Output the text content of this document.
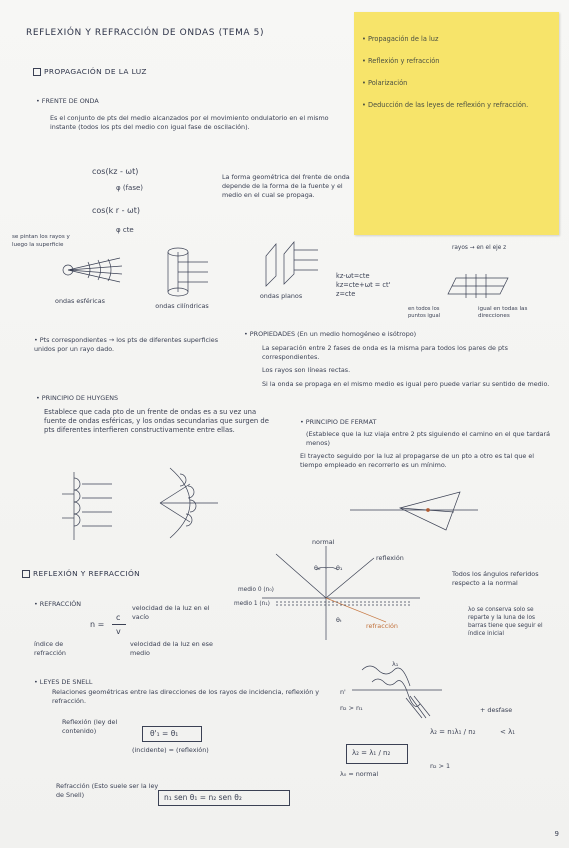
REFLEXIÓN Y REFRACCIÓN DE ONDAS (TEMA 5)
• Propagación de la luz
• Reflexión y refracción
• Polarización
• Deducción de las leyes de reflexión y refracción.
PROPAGACIÓN DE LA LUZ
• FRENTE DE ONDA
Es el conjunto de pts del medio alcanzados por el movimiento ondulatorio en el mismo instante (todos los pts del medio con igual fase de oscilación).
cos(kz - ωt)
φ (fase)
cos(k r - ωt)
φ cte
La forma geométrica del frente de onda depende de la forma de la fuente y el medio en el cual se propaga.
se pintan los rayos y luego la superficie
ondas esféricas
ondas cilíndricas
ondas planos
rayos → en el eje z
kz-ωt=cte
kz=cte+ωt = ct'
z=cte
en todos los puntos igual
igual en todas las direcciones
• Pts correspondientes → los pts de diferentes superficies unidos por un rayo dado.
• PROPIEDADES (En un medio homogéneo e isótropo)
La separación entre 2 fases de onda es la misma para todos los pares de pts correspondientes.
Los rayos son líneas rectas.
Si la onda se propaga en el mismo medio es igual pero puede variar su sentido de medio.
• PRINCIPIO DE HUYGENS
Establece que cada pto de un frente de ondas es a su vez una fuente de ondas esféricas, y los ondas secundarias que surgen de pts diferentes interfieren constructivamente entre ellas.
• PRINCIPIO DE FERMAT
(Establece que la luz viaja entre 2 pts siguiendo el camino en el que tardará menos)
El trayecto seguido por la luz al propagarse de un pto a otro es tal que el tiempo empleado en recorrerlo es un mínimo.
REFLEXIÓN Y REFRACCIÓN
normal
reflexión
refracción
medio 0 (n₀)
medio 1 (n₁)
θ₀ θ₁
θₜ
Todos los ángulos referidos respecto a la normal
• REFRACCIÓN
n =
c
v
velocidad de la luz en el vacío
índice de refracción
velocidad de la luz en ese medio
λo se conserva solo se reparte y la luna de los barras tiene que seguir el índice inicial
• LEYES DE SNELL
Relaciones geométricas entre las direcciones de los rayos de incidencia, reflexión y refracción.
Reflexión (ley del contenido)	θ'₁ = θ₁
(incidente) = (reflexión)
λ₁
n'
n₂ > n₁	+ desfase
λ₂ = n₁λ₁ / n₂	< λ₁
λ₂ = λ₁ / n₂
λ₀ = normal
n₂ > 1
Refracción (Esto suele ser la ley de Snell)	n₁ sen θ₁ = n₂ sen θ₂
9
